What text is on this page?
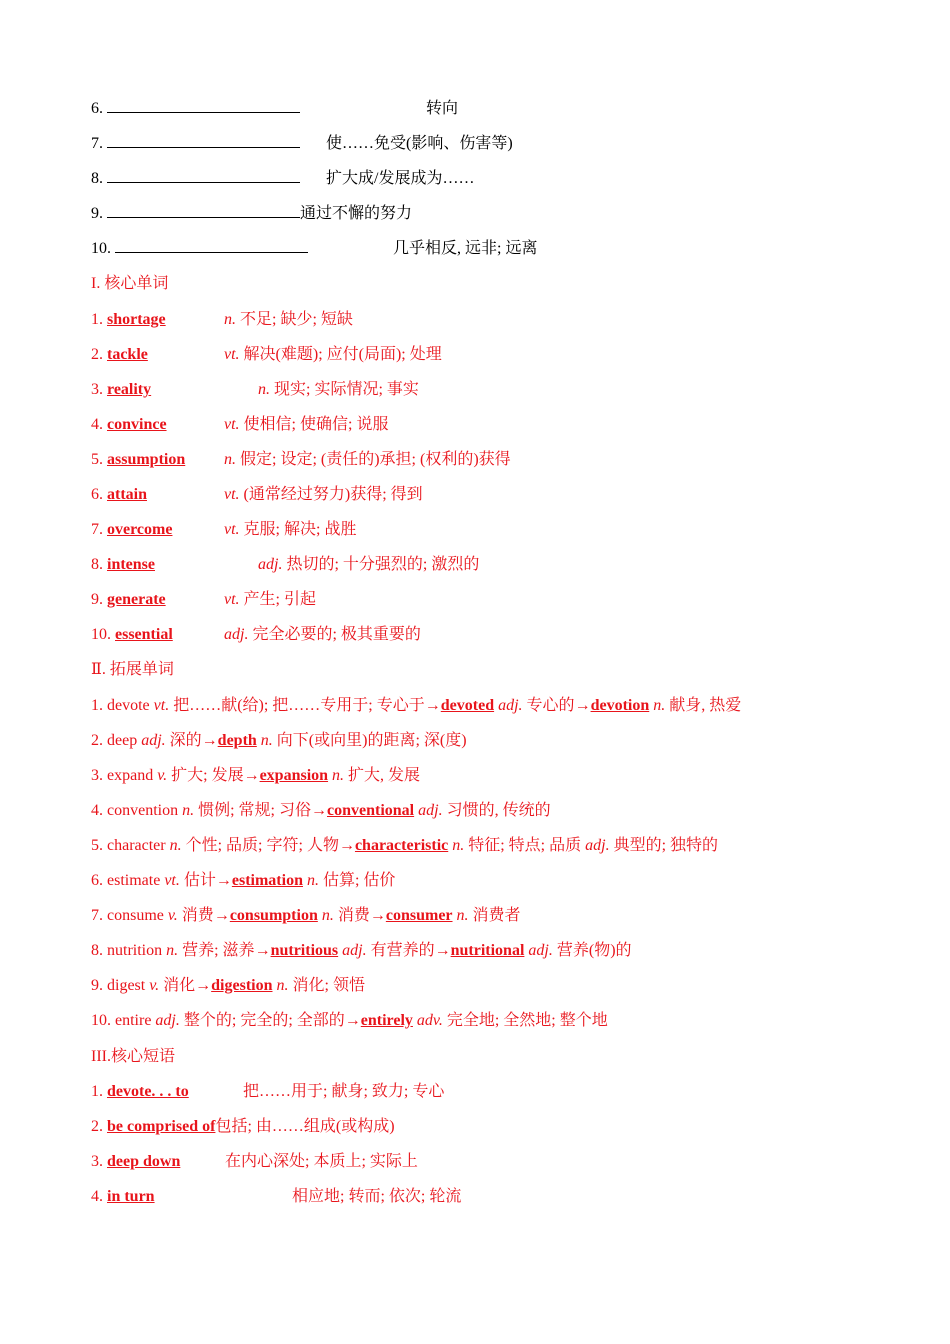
6.	转向
7.	使……免受(影响、伤害等)
8.	扩大成/发展成为……
9.	通过不懈的努力
10.	几乎相反, 远非; 远离
I. 核心单词
1. shortage	n. 不足; 缺少; 短缺
2. tackle	vt. 解决(难题); 应付(局面); 处理
3. reality	n. 现实; 实际情况; 事实
4. convince	vt. 使相信; 使确信; 说服
5. assumption n. 假定; 设定; (责任的)承担; (权利的)获得
6. attain	vt. (通常经过努力)获得; 得到
7. overcome	vt. 克服; 解决; 战胜
8. intense	adj. 热切的; 十分强烈的; 激烈的
9. generate	vt. 产生; 引起
10. essential	adj. 完全必要的; 极其重要的
Ⅱ. 拓展单词
1. devote vt. 把……献(给); 把……专用于; 专心于→devoted adj. 专心的→devotion n. 献身, 热爱
2. deep adj. 深的→depth n. 向下(或向里)的距离; 深(度)
3. expand v. 扩大; 发展→expansion n. 扩大, 发展
4. convention n. 惯例; 常规; 习俗→conventional adj. 习惯的, 传统的
5. character n. 个性; 品质; 字符; 人物→characteristic n. 特征; 特点; 品质 adj. 典型的; 独特的
6. estimate vt. 估计→estimation n. 估算; 估价
7. consume v. 消费→consumption n. 消费→consumer n. 消费者
8. nutrition n. 营养; 滋养→nutritious adj. 有营养的→nutritional adj. 营养(物)的
9. digest v. 消化→digestion n. 消化; 领悟
10. entire adj. 整个的; 完全的; 全部的→entirely adv. 完全地; 全然地; 整个地
III.核心短语
1. devote. . . to	把……用于; 献身; 致力; 专心
2. be comprised of包括; 由……组成(或构成)
3. deep down	在内心深处; 本质上; 实际上
4. in turn	相应地; 转而; 依次; 轮流
